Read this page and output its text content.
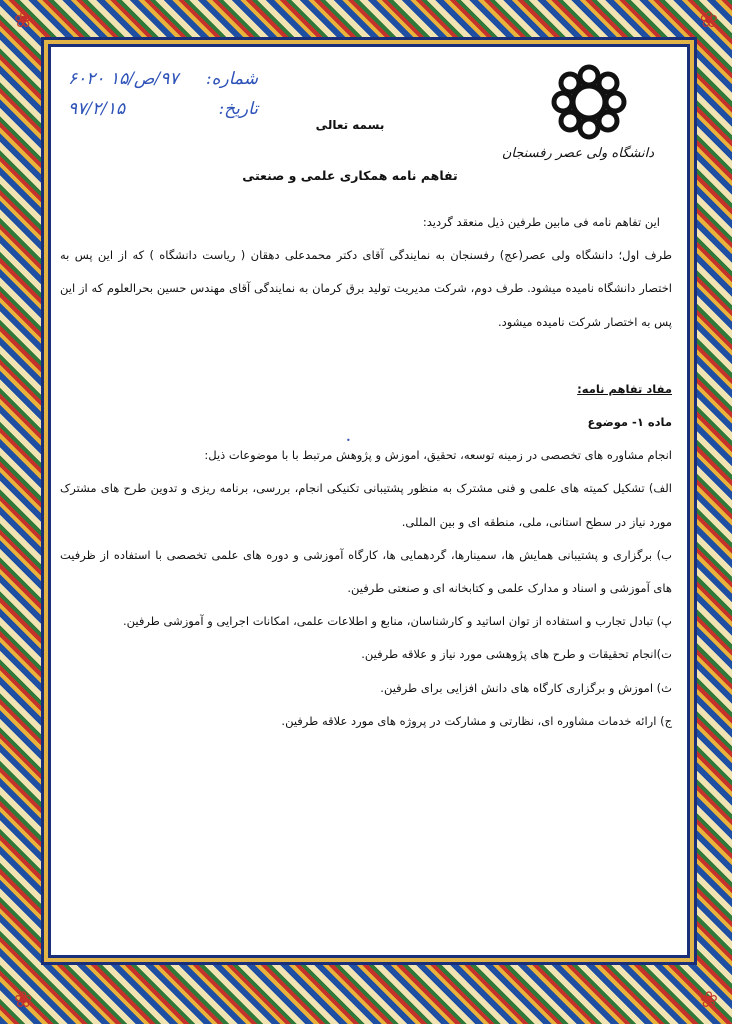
❀	❀
❀	❀
دانشگاه ولی عصر رفسنجان
شماره:
۹۷/ص/۱۵ ۶۰۲۰
تاریخ:
۹۷/۲/۱۵
بسمه تعالی
تفاهم نامه همکاری علمی و صنعتی

این تفاهم نامه فی مابین طرفین ذیل منعقد گردید:

طرف اول؛ دانشگاه ولی عصر(عج) رفسنجان به نمایندگی آقای دکتر محمدعلی دهقان ( ریاست دانشگاه ) که از این پس به اختصار دانشگاه نامیده میشود. طرف دوم، شرکت مدیریت تولید برق کرمان به نمایندگی آقای مهندس حسین بحرالعلوم که از این پس به اختصار شرکت نامیده میشود.

مفاد تفاهم نامه:

ماده ۱- موضوع

انجام مشاوره های تخصصی در زمینه توسعه، تحقیق، اموزش و پژوهش مرتبط با با موضوعات ذیل:

الف) تشکیل کمیته های علمی و فنی مشترک به منظور پشتیبانی تکنیکی انجام، بررسی، برنامه ریزی و تدوین طرح های مشترک مورد نیاز در سطح استانی، ملی، منطقه ای و بین المللی.

ب) برگزاری و پشتیبانی همایش ها، سمینارها، گردهمایی ها، کارگاه آموزشی و دوره های علمی تخصصی با استفاده از ظرفیت های آموزشی و اسناد و مدارک علمی و کتابخانه ای و صنعتی طرفین.

پ) تبادل تجارب و استفاده از توان اساتید و کارشناسان، منابع و اطلاعات علمی، امکانات اجرایی و آموزشی طرفین.

ت)انجام تحقیقات و طرح های پژوهشی مورد نیاز و علاقه طرفین.

ث) اموزش و برگزاری کارگاه های دانش افزایی برای طرفین.

ج) ارائه خدمات مشاوره ای، نظارتی و مشارکت در پروژه های مورد علاقه طرفین.

•
